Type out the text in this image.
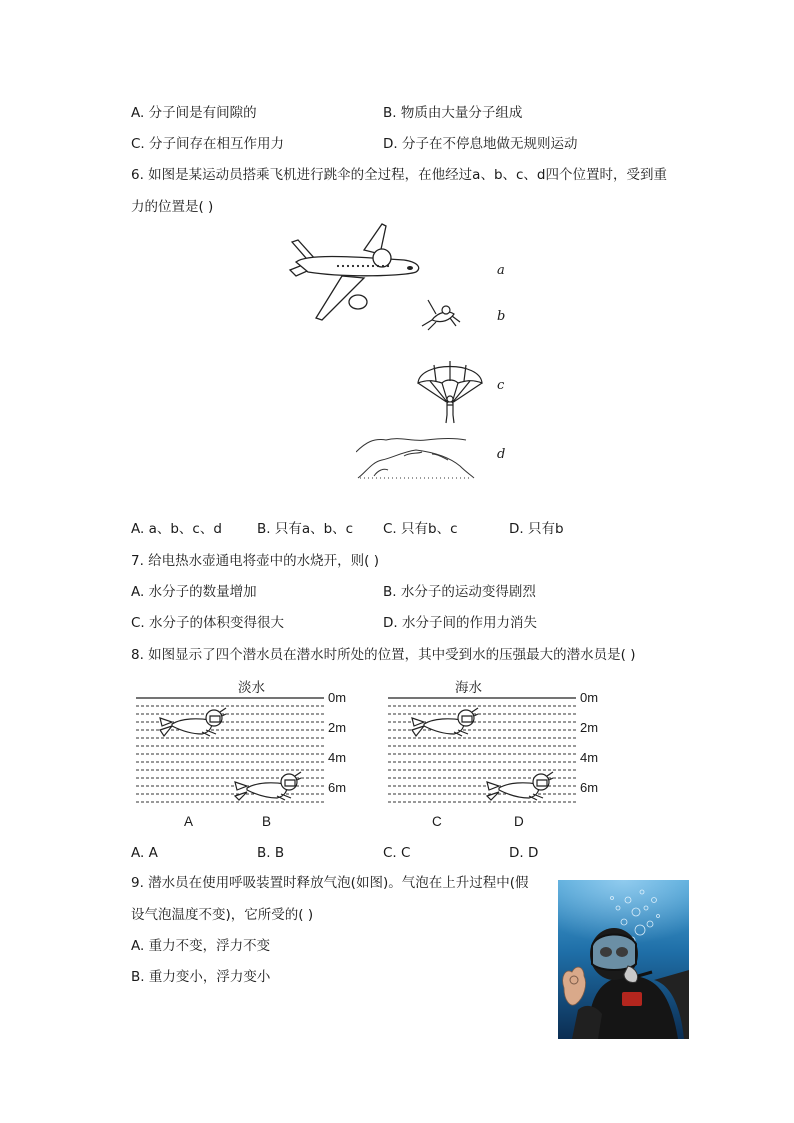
A. 分子间是有间隙的	B. 物质由大量分子组成
C. 分子间存在相互作用力	D. 分子在不停息地做无规则运动
6. 如图是某运动员搭乘飞机进行跳伞的全过程，在他经过a、b、c、d四个位置时，受到重
力的位置是( )
a
b
c
d
A. a、b、c、d	B. 只有a、b、c C. 只有b、c	D. 只有b
7. 给电热水壶通电将壶中的水烧开，则( )
A. 水分子的数量增加	B. 水分子的运动变得剧烈
C. 水分子的体积变得很大	D. 水分子间的作用力消失
8. 如图显示了四个潜水员在潜水时所处的位置，其中受到水的压强最大的潜水员是( )
淡水	海水
0m
2m
4m
6m
0m
2m
4m
6m
A	B	C	D
A. A	B. B	C. C	D. D
9. 潜水员在使用呼吸装置时释放气泡(如图)。气泡在上升过程中(假
设气泡温度不变)，它所受的( )
A. 重力不变，浮力不变
B. 重力变小，浮力变小
